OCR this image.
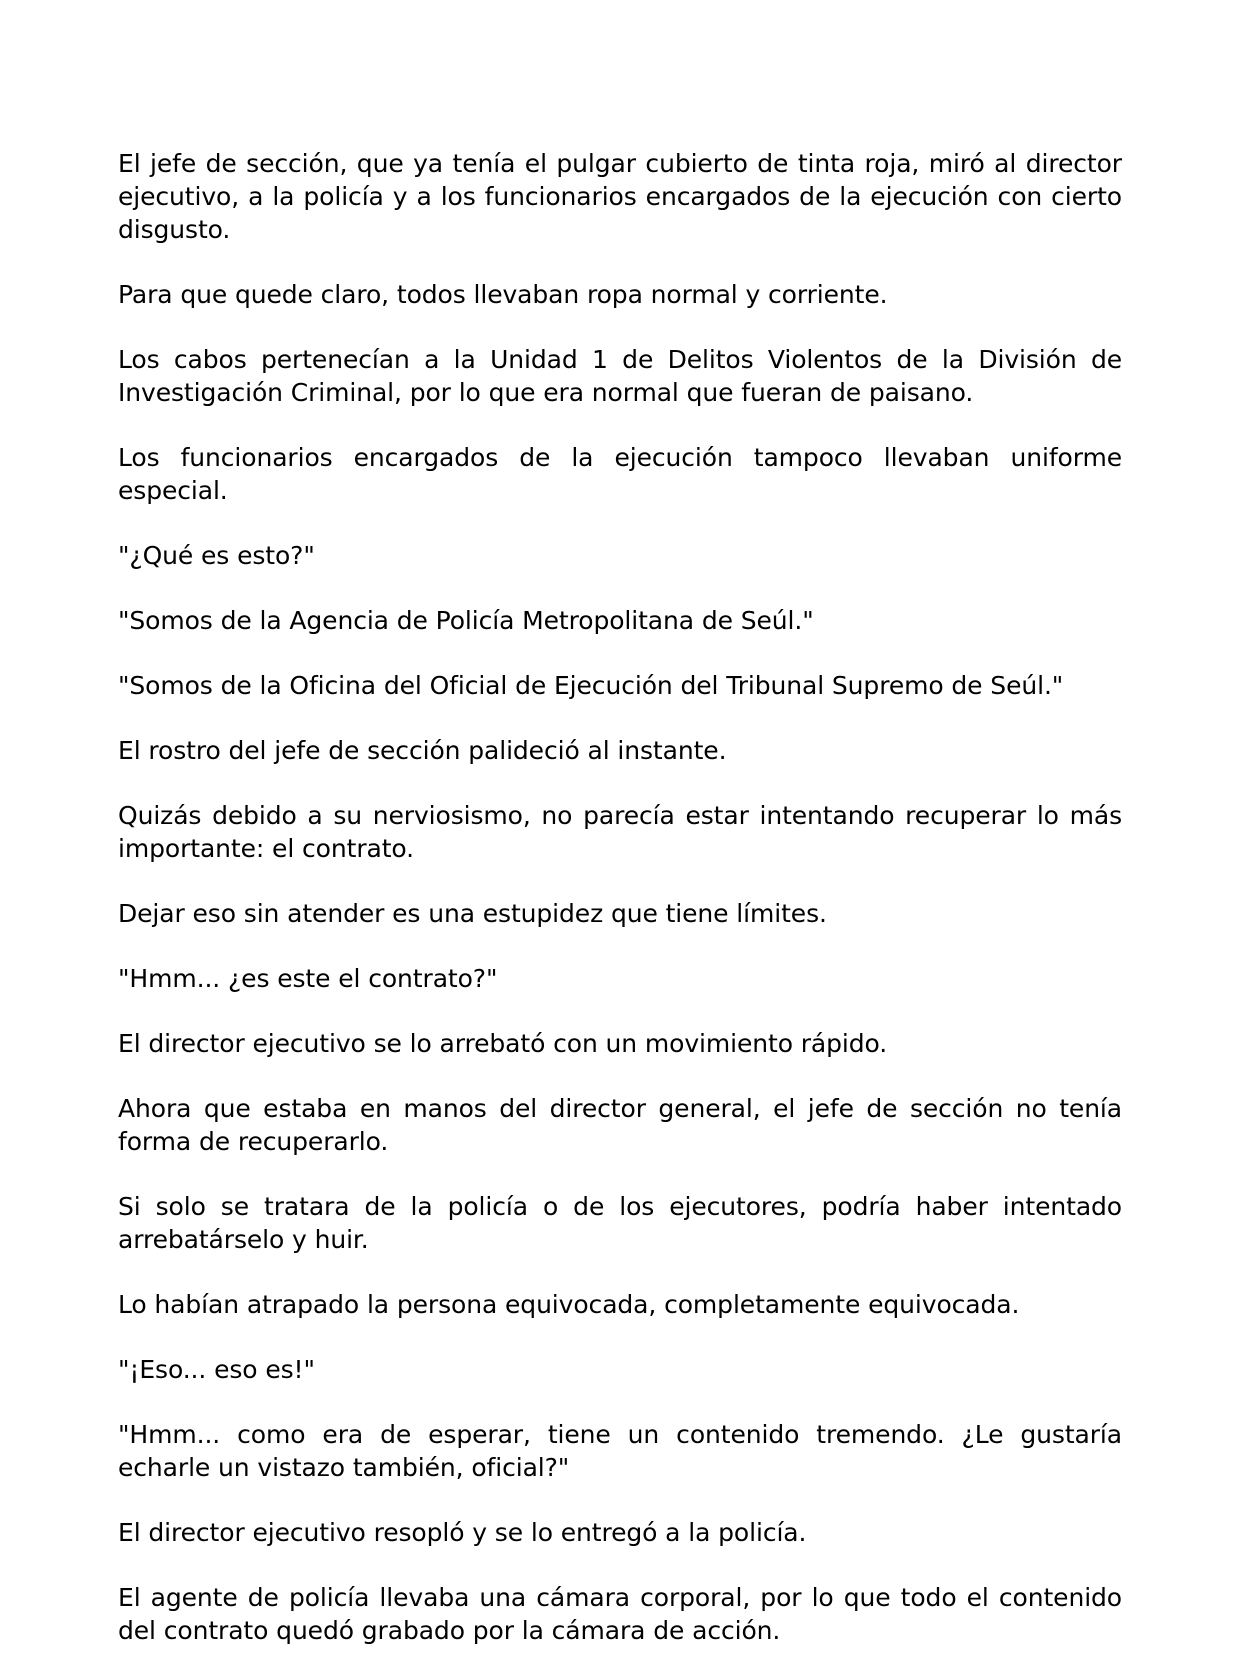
El jefe de sección, que ya tenía el pulgar cubierto de tinta roja, miró al director ejecutivo, a la policía y a los funcionarios encargados de la ejecución con cierto disgusto.

Para que quede claro, todos llevaban ropa normal y corriente.

Los cabos pertenecían a la Unidad 1 de Delitos Violentos de la División de Investigación Criminal, por lo que era normal que fueran de paisano.

Los funcionarios encargados de la ejecución tampoco llevaban uniforme especial.

"¿Qué es esto?"

"Somos de la Agencia de Policía Metropolitana de Seúl."

"Somos de la Oficina del Oficial de Ejecución del Tribunal Supremo de Seúl."

El rostro del jefe de sección palideció al instante.

Quizás debido a su nerviosismo, no parecía estar intentando recuperar lo más importante: el contrato.

Dejar eso sin atender es una estupidez que tiene límites.

"Hmm... ¿es este el contrato?"

El director ejecutivo se lo arrebató con un movimiento rápido.

Ahora que estaba en manos del director general, el jefe de sección no tenía forma de recuperarlo.

Si solo se tratara de la policía o de los ejecutores, podría haber intentado arrebatárselo y huir.

Lo habían atrapado la persona equivocada, completamente equivocada.

"¡Eso... eso es!"

"Hmm... como era de esperar, tiene un contenido tremendo. ¿Le gustaría echarle un vistazo también, oficial?"

El director ejecutivo resopló y se lo entregó a la policía.

El agente de policía llevaba una cámara corporal, por lo que todo el contenido del contrato quedó grabado por la cámara de acción.
